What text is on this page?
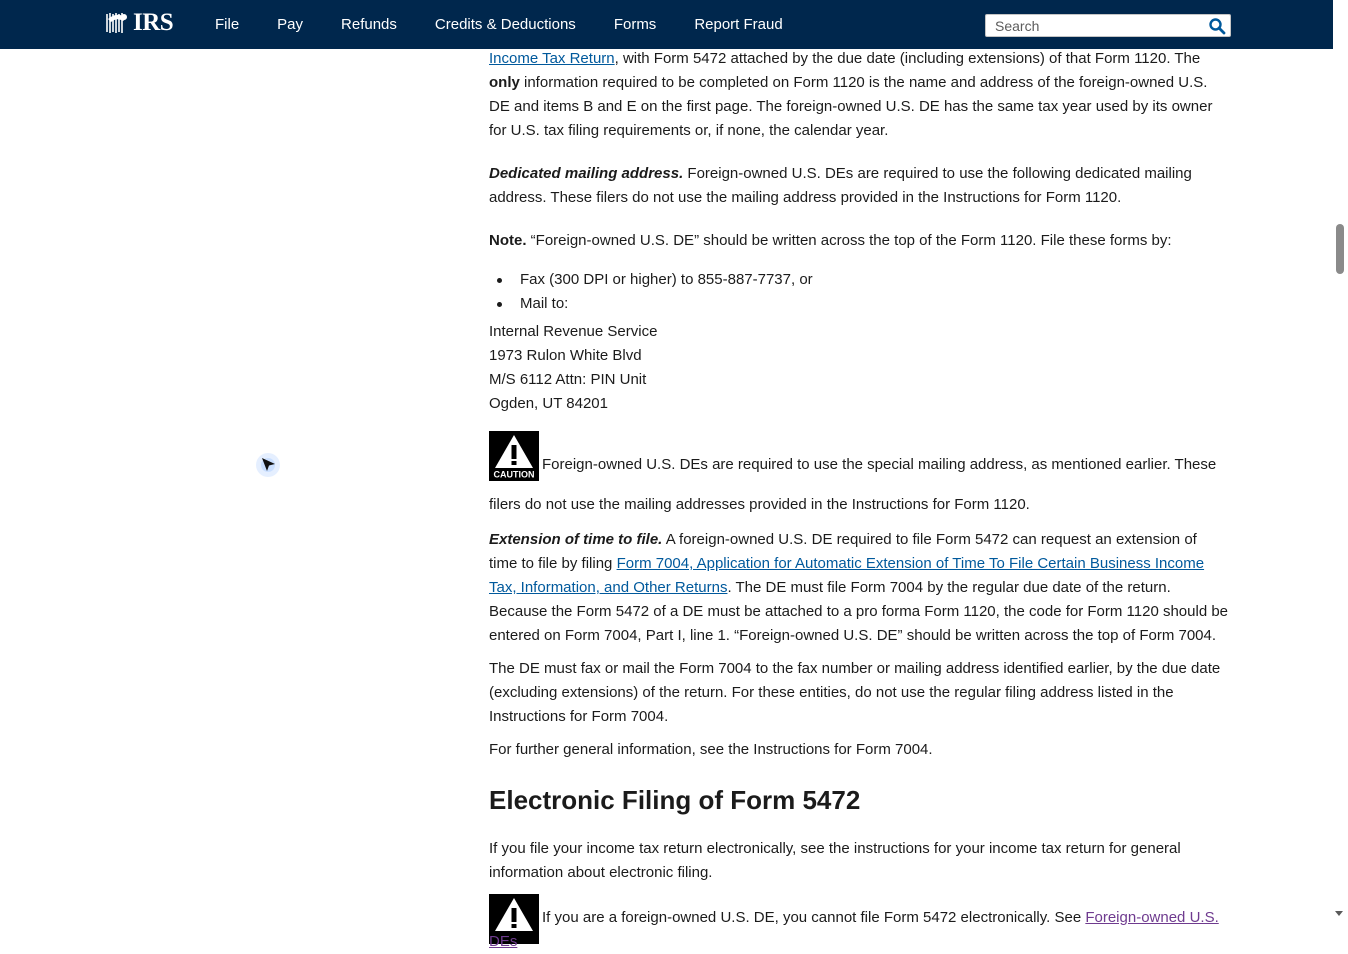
IRS	File	Pay	Refunds	Credits & Deductions	Forms	Report Fraud
Search

Income Tax Return, with Form 5472 attached by the due date (including extensions) of that Form 1120. The only information required to be completed on Form 1120 is the name and address of the foreign-owned U.S. DE and items B and E on the first page. The foreign-owned U.S. DE has the same tax year used by its owner for U.S. tax filing requirements or, if none, the calendar year.

Dedicated mailing address. Foreign-owned U.S. DEs are required to use the following dedicated mailing address. These filers do not use the mailing address provided in the Instructions for Form 1120.

Note. “Foreign-owned U.S. DE” should be written across the top of the Form 1120. File these forms by:

Fax (300 DPI or higher) to 855-887-7737, or
Mail to:
Internal Revenue Service
1973 Rulon White Blvd
M/S 6112 Attn: PIN Unit
Ogden, UT 84201
CAUTION

Foreign-owned U.S. DEs are required to use the special mailing address, as mentioned earlier. These filers do not use the mailing addresses provided in the Instructions for Form 1120.

Extension of time to file. A foreign-owned U.S. DE required to file Form 5472 can request an extension of time to file by filing Form 7004, Application for Automatic Extension of Time To File Certain Business Income Tax, Information, and Other Returns. The DE must file Form 7004 by the regular due date of the return. Because the Form 5472 of a DE must be attached to a pro forma Form 1120, the code for Form 1120 should be entered on Form 7004, Part I, line 1. “Foreign-owned U.S. DE” should be written across the top of Form 7004.

The DE must fax or mail the Form 7004 to the fax number or mailing address identified earlier, by the due date (excluding extensions) of the return. For these entities, do not use the regular filing address listed in the Instructions for Form 7004.

For further general information, see the Instructions for Form 7004.

Electronic Filing of Form 5472

If you file your income tax return electronically, see the instructions for your income tax return for general information about electronic filing.

If you are a foreign-owned U.S. DE, you cannot file Form 5472 electronically. See Foreign-owned U.S. DEs
